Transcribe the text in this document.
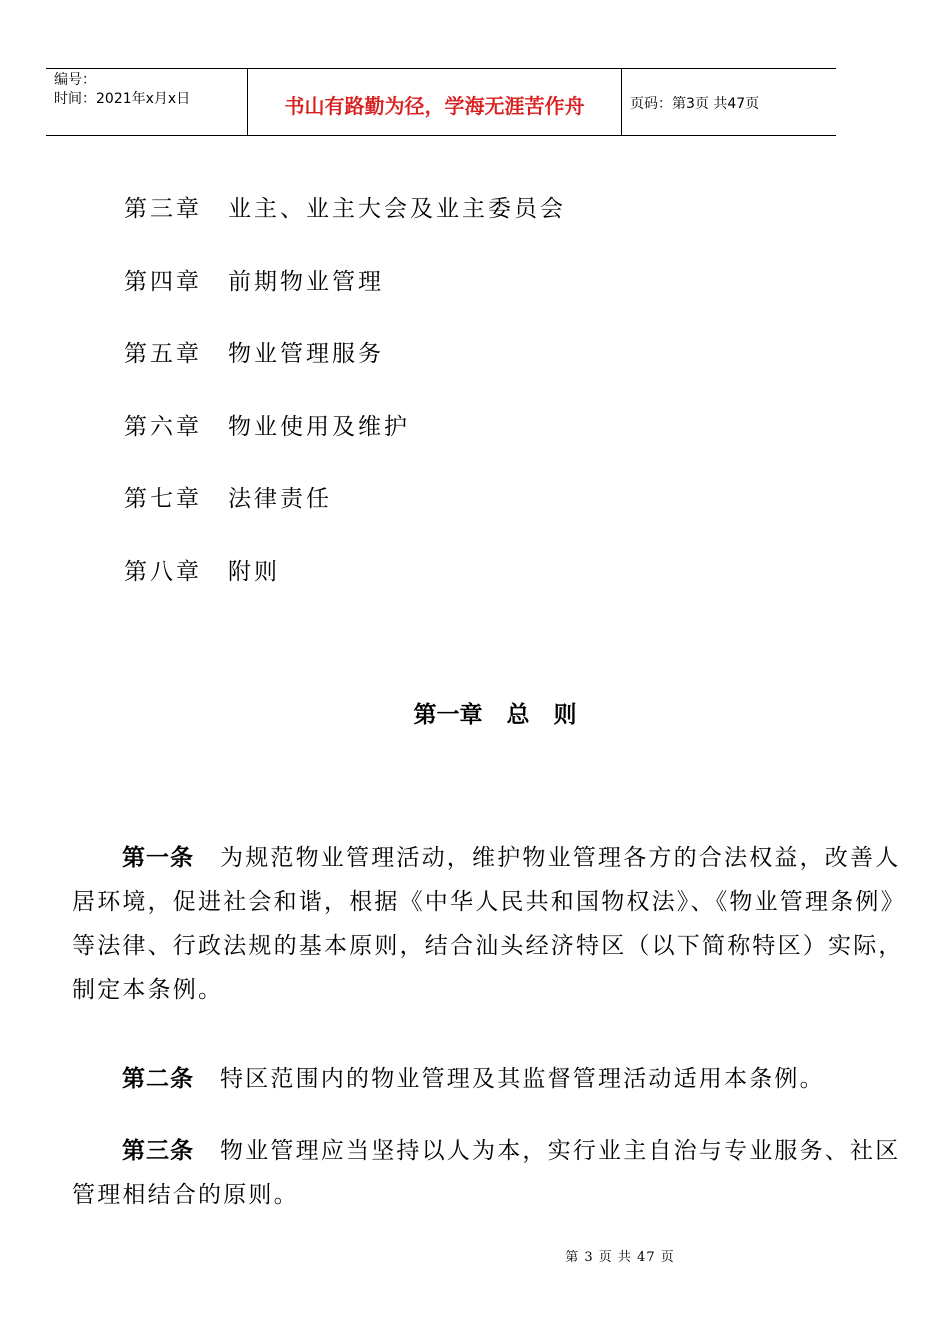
编号：
时间：2021年x月x日	书山有路勤为径，学海无涯苦作舟	页码：第3页 共47页
第三章 业主、业主大会及业主委员会
第四章 前期物业管理
第五章 物业管理服务
第六章 物业使用及维护
第七章 法律责任
第八章 附则
第一章   总   则

第一条 为规范物业管理活动，维护物业管理各方的合法权益，改善人居环境，促进社会和谐，根据《中华人民共和国物权法》、《物业管理条例》等法律、行政法规的基本原则，结合汕头经济特区（以下简称特区）实际，制定本条例。

第二条 特区范围内的物业管理及其监督管理活动适用本条例。

第三条 物业管理应当坚持以人为本，实行业主自治与专业服务、社区管理相结合的原则。

第 3 页 共 47 页
